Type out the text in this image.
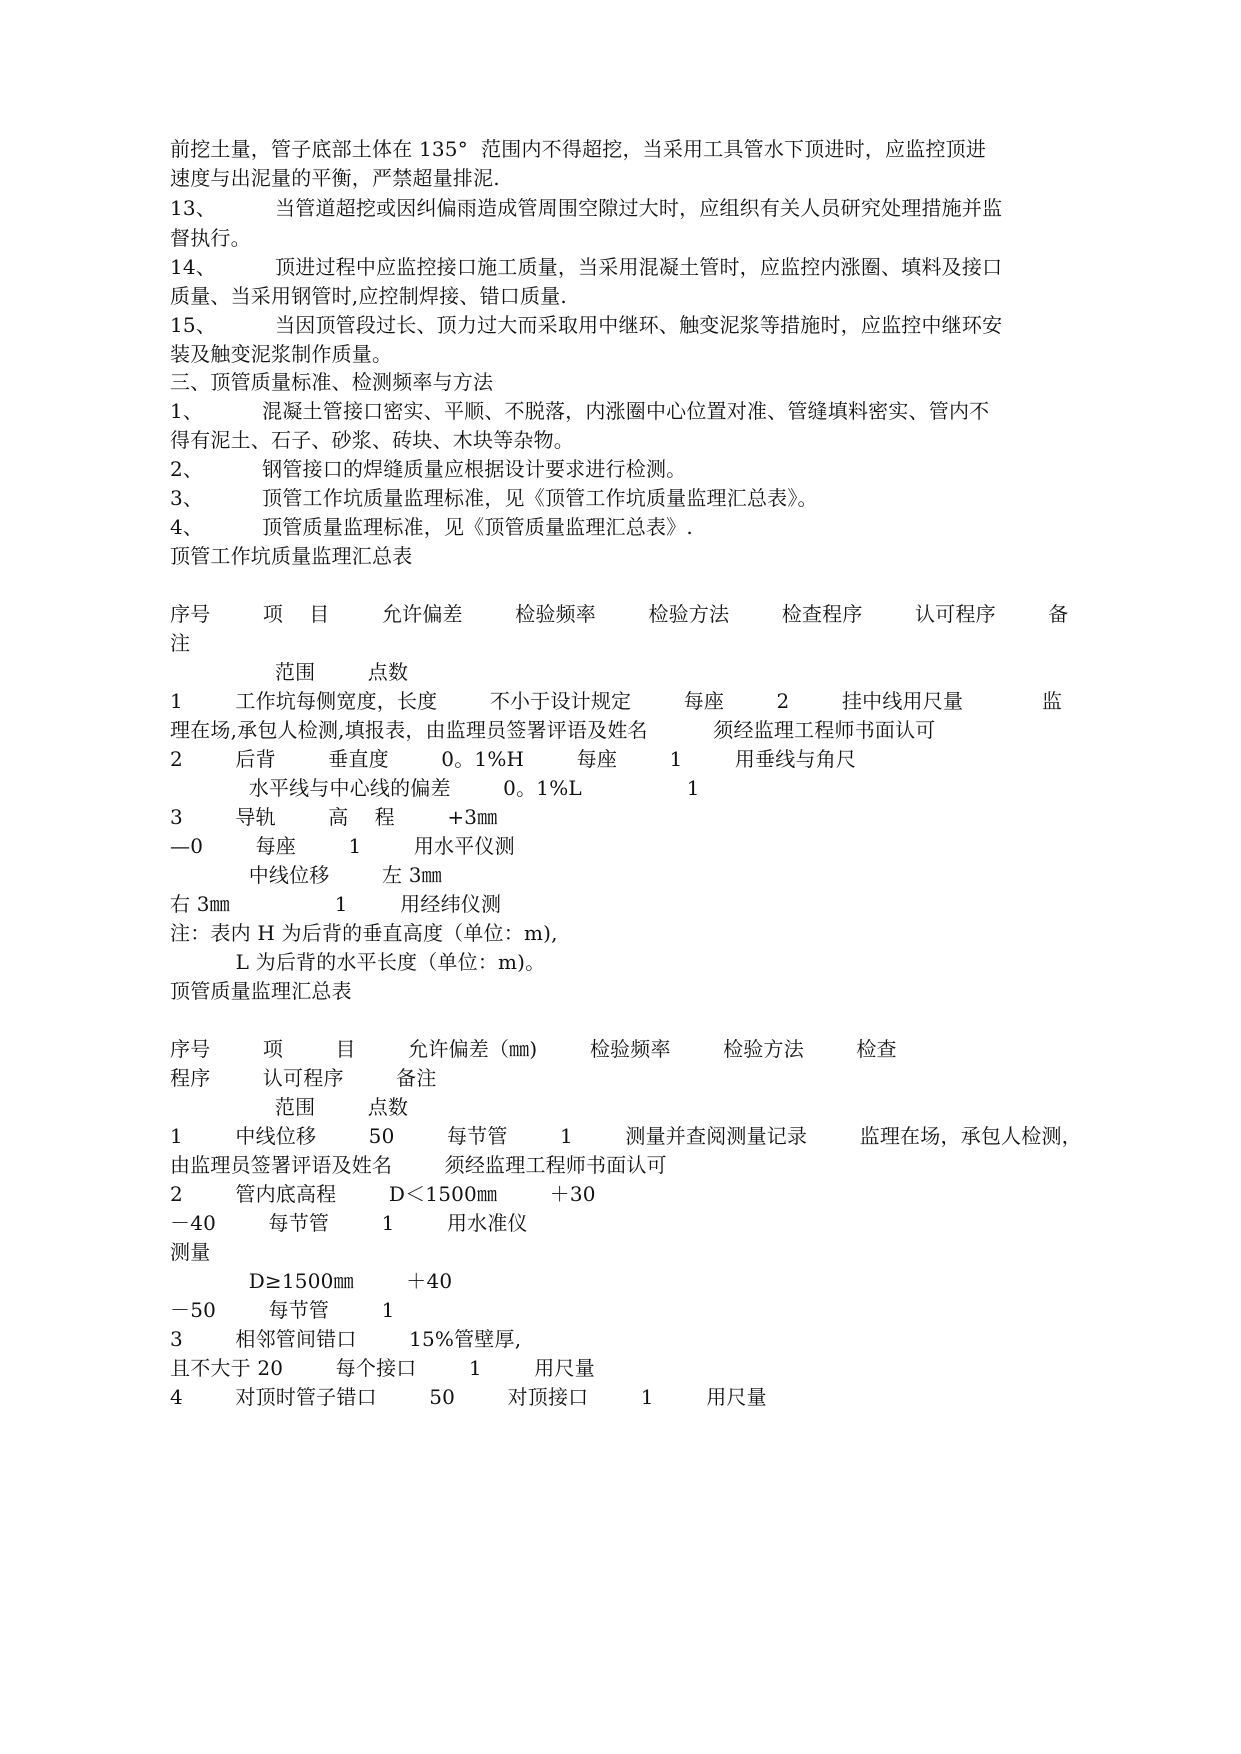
前挖土量，管子底部土体在 135°  范围内不得超挖，当采用工具管水下顶进时，应监控顶进
速度与出泥量的平衡，严禁超量排泥.
13、         当管道超挖或因纠偏雨造成管周围空隙过大时，应组织有关人员研究处理措施并监
督执行。
14、         顶进过程中应监控接口施工质量，当采用混凝土管时，应监控内涨圈、填料及接口
质量、当采用钢管时,应控制焊接、错口质量.
15、         当因顶管段过长、顶力过大而采取用中继环、触变泥浆等措施时，应监控中继环安
装及触变泥浆制作质量。
三、顶管质量标准、检测频率与方法
1、         混凝土管接口密实、平顺、不脱落，内涨圈中心位置对准、管缝填料密实、管内不
得有泥土、石子、砂浆、砖块、木块等杂物。
2、         钢管接口的焊缝质量应根据设计要求进行检测。
3、         顶管工作坑质量监理标准，见《顶管工作坑质量监理汇总表》。
4、         顶管质量监理标准，见《顶管质量监理汇总表》.
顶管工作坑质量监理汇总表
序号        项    目        允许偏差        检验频率        检验方法        检查程序        认可程序        备
注
范围        点数
1        工作坑每侧宽度，长度        不小于设计规定        每座        2        挂中线用尺量            监
理在场,承包人检测,填报表，由监理员签署评语及姓名          须经监理工程师书面认可
2        后背        垂直度        0。1%H        每座        1        用垂线与角尺
水平线与中心线的偏差        0。1%L                1
3        导轨        高    程        +3㎜
—0        每座        1        用水平仪测
中线位移        左 3㎜
右 3㎜                1        用经纬仪测
注：表内 H 为后背的垂直高度（单位：m),
L 为后背的水平长度（单位：m)。
顶管质量监理汇总表
序号        项        目        允许偏差（㎜)        检验频率        检验方法        检查
程序        认可程序        备注
范围        点数
1        中线位移        50        每节管        1        测量并查阅测量记录        监理在场，承包人检测，
由监理员签署评语及姓名        须经监理工程师书面认可
2        管内底高程        D＜1500㎜        ＋30
－40        每节管        1        用水准仪
测量
D≥1500㎜        ＋40
－50        每节管        1
3        相邻管间错口        15%管壁厚,
且不大于 20        每个接口        1        用尺量
4        对顶时管子错口        50        对顶接口        1        用尺量
